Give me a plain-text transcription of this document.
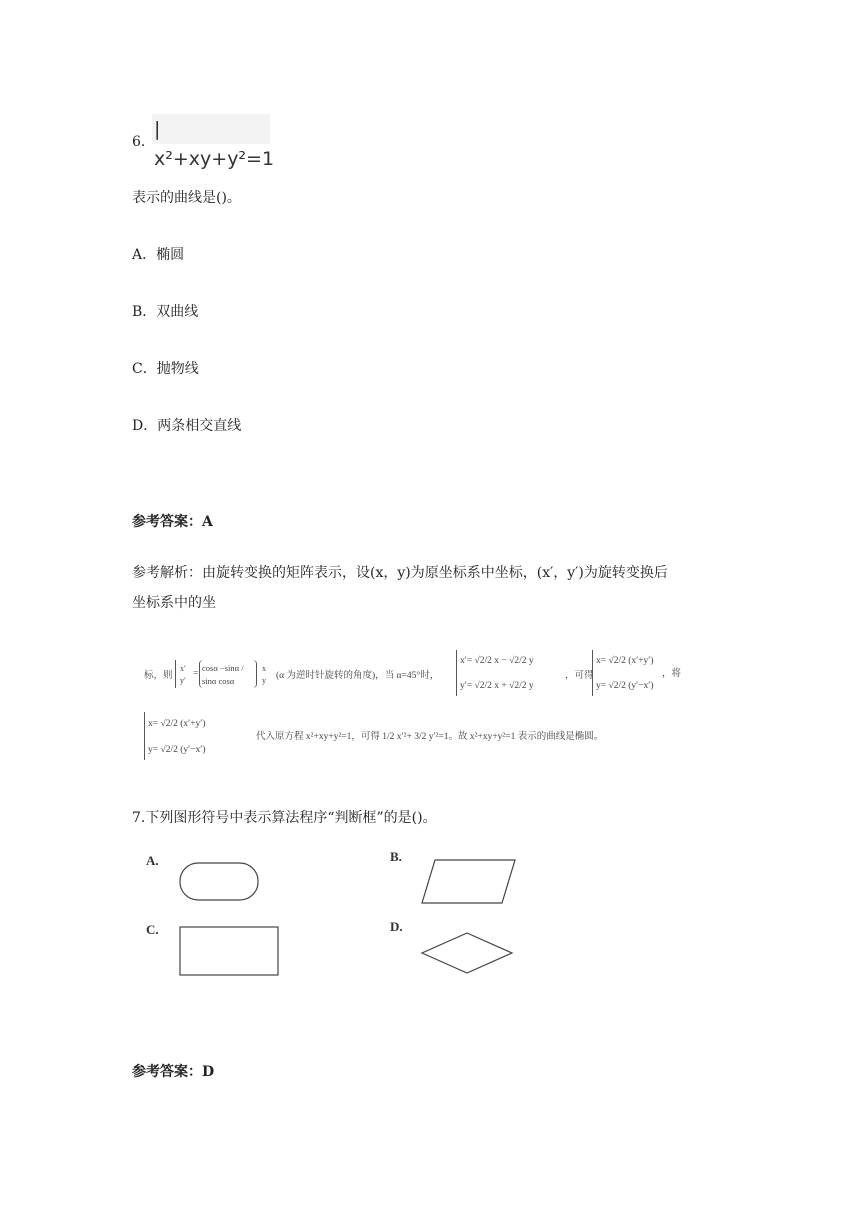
6.
| x²+xy+y²=1
表示的曲线是()。
A．椭圆
B．双曲线
C．抛物线
D．两条相交直线
参考答案：A
参考解析：由旋转变换的矩阵表示，设(x，y)为原坐标系中坐标，(x′，y′)为旋转变换后
坐标系中的坐
标，则
x′
y′
=
cosα −sinα / sinα cosα
x
y (α 为逆时针旋转的角度)，当 α=45°时，
x′= √2/2 x − √2/2 y
y′= √2/2 x + √2/2 y
，可得
x= √2/2 (x′+y′)
y= √2/2 (y′−x′)
，将
x= √2/2 (x′+y′)
y= √2/2 (y′−x′)
代入原方程 x²+xy+y²=1，可得 1/2 x′²+ 3/2 y′²=1。故 x²+xy+y²=1 表示的曲线是椭圆。
7.下列图形符号中表示算法程序“判断框”的是()。
A.	B.
C.	D.
参考答案：D
